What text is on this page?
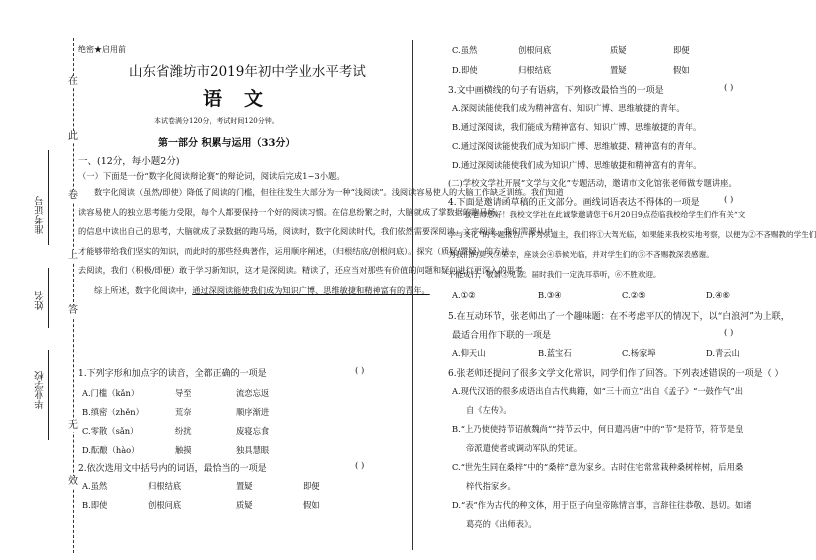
在
此
卷
上
答
无
效
准考证号
姓名
毕业学校
绝密★启用前
山东省潍坊市2019年初中学业水平考试
语文
本试卷满分120分，考试时间120分钟。
第一部分 积累与运用（33分）
一、(12分，每小题2分)
（一）下面是一份“数字化阅读辩论赛”的辩论词，阅读后完成1~3小题。
数字化阅读（虽然/即使）降低了阅读的门槛，但往往发生大部分为一种“浅阅读”。浅阅读容易使人的大脑工作缺乏训练。我们知道
读容易使人的独立思考能力受限，每个人都要保持一个好的阅读习惯。在信息纷繁之时，大脑就成了掌数据的跑马场。
的信息中读出自己的思考，大脑就成了录数据的跑马场，阅读时，数字化阅读时代，我们依然需要深阅读。文字阅读，我们需要从中
才能够带给我们坚实的知识，而此时的那些经典著作，运用顺序阐述，（归根结底/创根问底）。探究（质疑/置疑）的方法
去阅读，我们（积极/即便）敢于学习新知识，这才是深阅读。精读了，还应当对那些有价值的问题和疑问进行更深入的思考。
综上所述，数字化阅读中，通过深阅读能使我们成为知识广博、思维敏捷和精神富有的青年。
1.下列字形和加点字的读音，全都正确的一项是	( )
A.门槛（kǎn）	导至	流恋忘返
B.缜密（zhěn）	荒奈	顺序渐进
C.零散（sǎn）	纷扰	废寝忘食
D.酝酿（hào）	触摸	独具慧眼
2.依次选用文中括号内的词语，最恰当的一项是	( )
A.虽然	归根结底	置疑	即便
B.即使	创根问底	质疑	假如
C.虽然	创根问底	质疑	即便
D.即使	归根结底	置疑	假如
3.文中画横线的句子有语病，下列修改最恰当的一项是	( )
A.深阅读能使我们成为精神富有、知识广博、思维敏捷的青年。
B.通过深阅读，我们能成为精神富有、知识广博、思维敏捷的青年。
C.通过深阅读能使我们成为知识广博、思维敏捷、精神富有的青年。
D.通过深阅读能使我们成为知识广博、思维敏捷和精神富有的青年。
(二)学校文学社开展“文学与文化”专题活动，邀请市文化馆张老师做专题讲座。
4.下面是邀请函草稿的正文部分。画线词语表达不得体的一项是	( )
张老师您好！我校文学社在此诚挚邀请您于6月20日9点莅临我校给学生们作有关“文
学与文化”的专题报告。作为东道主，我们将①大驾光临，如果能来我校实地考察，以便为②不吝赐教的学生们
为我们的莫大③荣幸，座谈会④恭候光临，并对学生们的⑤不吝赐教深表感谢。
不能成行，敬请⑤见谅。届时我们一定洗耳恭听，⑥不胜欢迎。
A.①②	B.③④	C.②⑤	D.④⑥
5.在互动环节，张老师出了一个趣味题：在不考虑平仄的情况下，以“白浪河”为上联，
最适合用作下联的一项是	( )
A.仰天山	B.蓝宝石	C.杨家埠	D.青云山
6.张老师还提问了很多文学文化常识，同学们作了回答。下列表述错误的一项是（ ）
A.现代汉语的很多成语出自古代典籍，如“三十而立”出自《孟子》“一鼓作气”出
自《左传》。
B.“上乃使使持节诏赦魏尚”“持节云中，何日遣冯唐”中的“节”是符节，符节是皇
帝派遣使者或调动军队的凭证。
C.“世先生同在桑梓”中的“桑梓”意为家乡。古时住宅常常栽种桑树梓树，后用桑
梓代指家乡。
D.“表”作为古代的种文体，用于臣子向皇帝陈情言事，言辞往往恭敬、恳切。如诸
葛亮的《出师表》。
